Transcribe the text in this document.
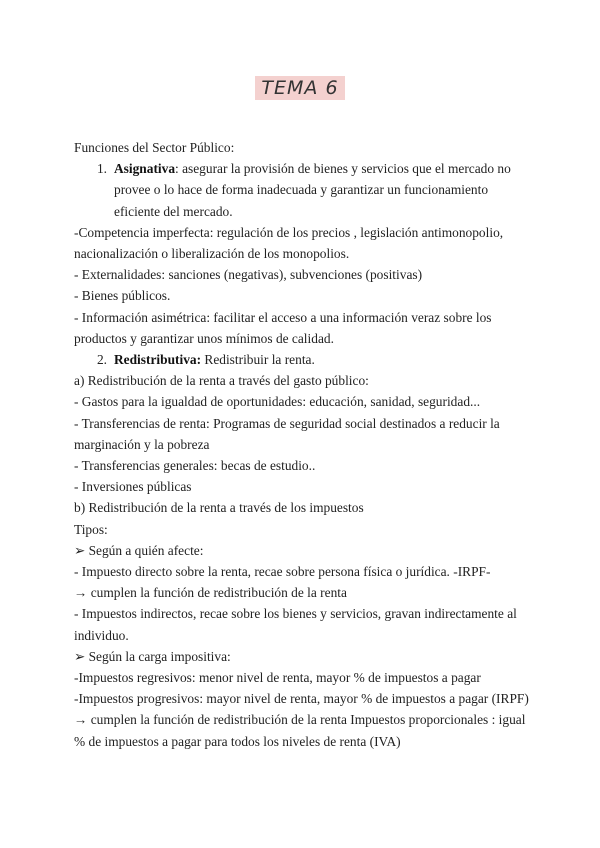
TEMA 6
Funciones del Sector Público:
1. Asignativa: asegurar la provisión de bienes y servicios que el mercado no provee o lo hace de forma inadecuada y garantizar un funcionamiento eficiente del mercado.
-Competencia imperfecta: regulación de los precios , legislación antimonopolio, nacionalización o liberalización de los monopolios.
- Externalidades: sanciones (negativas), subvenciones (positivas)
- Bienes públicos.
- Información asimétrica: facilitar el acceso a una información veraz sobre los productos y garantizar unos mínimos de calidad.
2. Redistributiva: Redistribuir la renta.
a) Redistribución de la renta a través del gasto público:
- Gastos para la igualdad de oportunidades: educación, sanidad, seguridad...
- Transferencias de renta: Programas de seguridad social destinados a reducir la marginación y la pobreza
- Transferencias generales: becas de estudio..
- Inversiones públicas
b) Redistribución de la renta a través de los impuestos
Tipos:
➢ Según a quién afecte:
- Impuesto directo sobre la renta, recae sobre persona física o jurídica. -IRPF-
→ cumplen la función de redistribución de la renta
- Impuestos indirectos, recae sobre los bienes y servicios, gravan indirectamente al individuo.
➢ Según la carga impositiva:
-Impuestos regresivos: menor nivel de renta, mayor % de impuestos a pagar
-Impuestos progresivos: mayor nivel de renta, mayor % de impuestos a pagar (IRPF)
→ cumplen la función de redistribución de la renta Impuestos proporcionales : igual % de impuestos a pagar para todos los niveles de renta (IVA)
